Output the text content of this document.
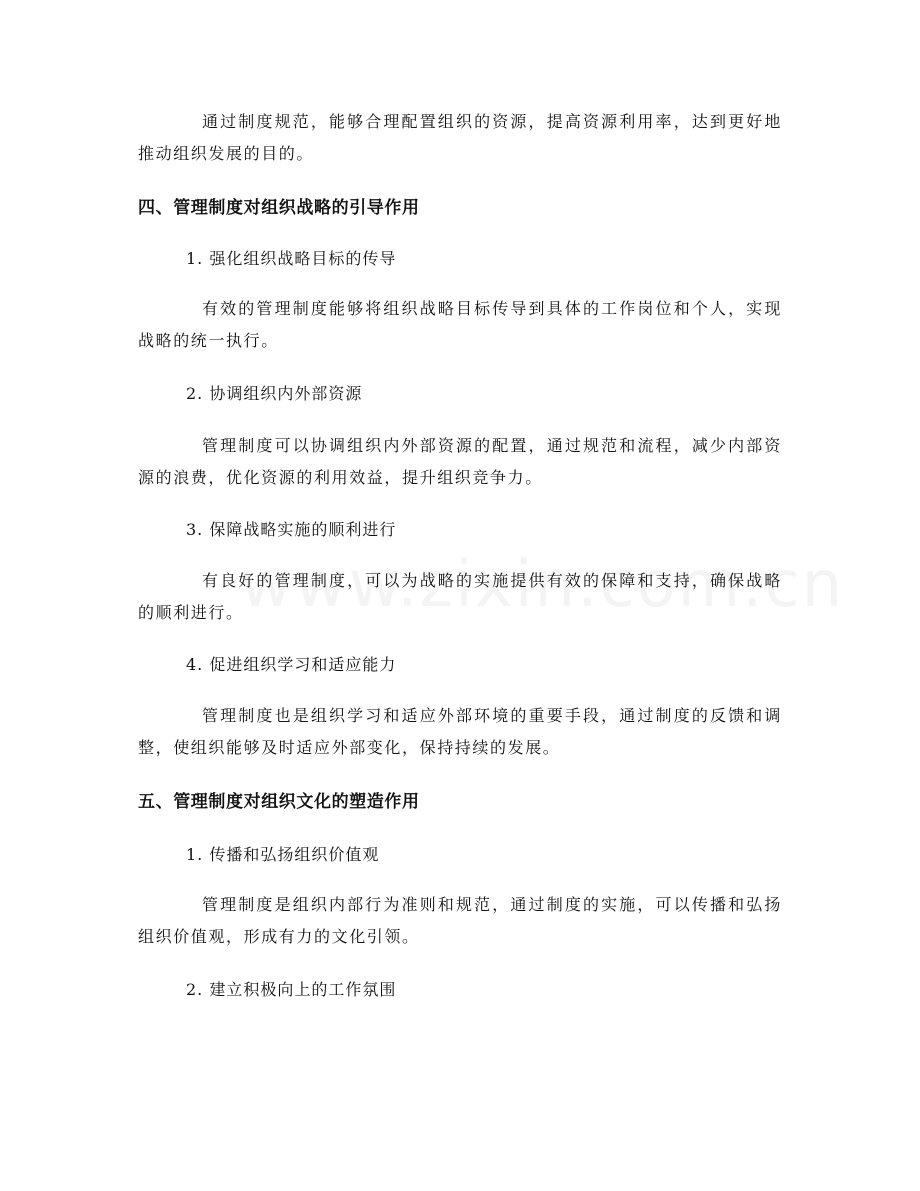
通过制度规范，能够合理配置组织的资源，提高资源利用率，达到更好地推动组织发展的目的。

四、管理制度对组织战略的引导作用

1. 强化组织战略目标的传导

有效的管理制度能够将组织战略目标传导到具体的工作岗位和个人，实现战略的统一执行。

2. 协调组织内外部资源

管理制度可以协调组织内外部资源的配置，通过规范和流程，减少内部资源的浪费，优化资源的利用效益，提升组织竞争力。

3. 保障战略实施的顺利进行

有良好的管理制度，可以为战略的实施提供有效的保障和支持，确保战略的顺利进行。

4. 促进组织学习和适应能力

管理制度也是组织学习和适应外部环境的重要手段，通过制度的反馈和调整，使组织能够及时适应外部变化，保持持续的发展。

五、管理制度对组织文化的塑造作用

1. 传播和弘扬组织价值观

管理制度是组织内部行为准则和规范，通过制度的实施，可以传播和弘扬组织价值观，形成有力的文化引领。

2. 建立积极向上的工作氛围
